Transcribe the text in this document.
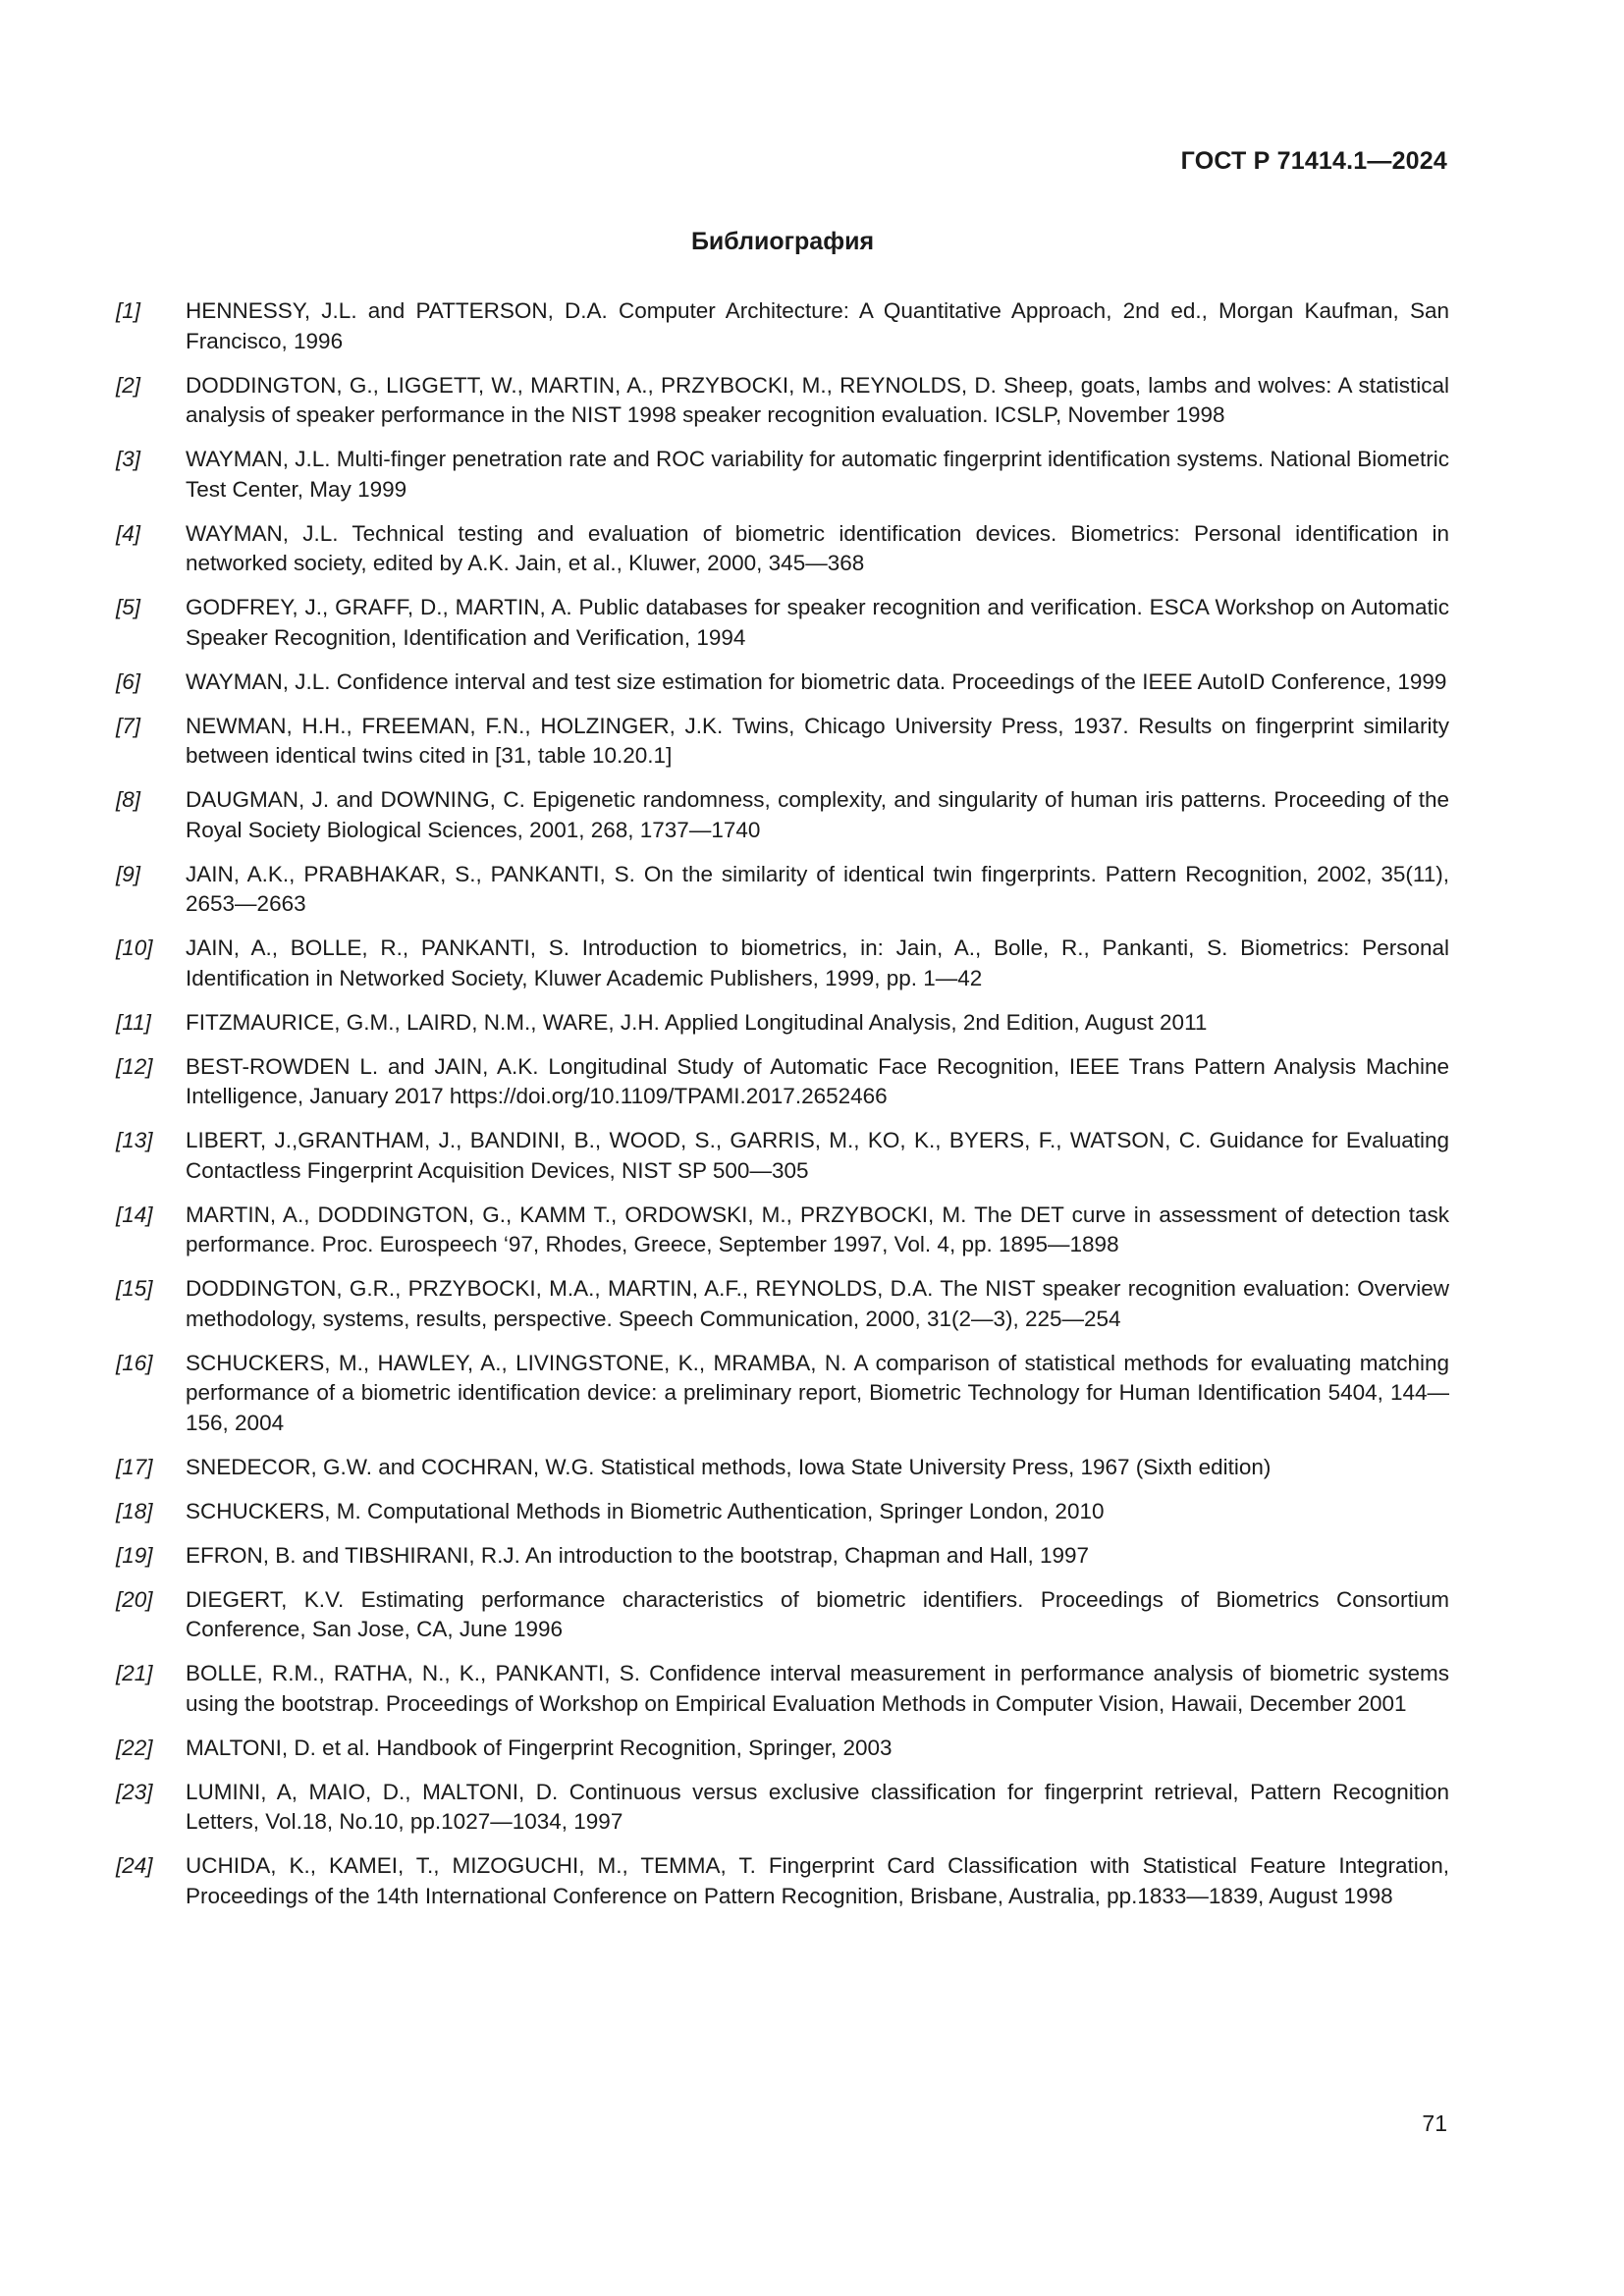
ГОСТ Р 71414.1—2024
Библиография
[1]	HENNESSY, J.L. and PATTERSON, D.A. Computer Architecture: A Quantitative Approach, 2nd ed., Morgan Kaufman, San Francisco, 1996
[2]	DODDINGTON, G., LIGGETT, W., MARTIN, A., PRZYBOCKI, M., REYNOLDS, D. Sheep, goats, lambs and wolves: A statistical analysis of speaker performance in the NIST 1998 speaker recognition evaluation. ICSLP, November 1998
[3]	WAYMAN, J.L. Multi-finger penetration rate and ROC variability for automatic fingerprint identification systems. National Biometric Test Center, May 1999
[4]	WAYMAN, J.L. Technical testing and evaluation of biometric identification devices. Biometrics: Personal identification in networked society, edited by A.K. Jain, et al., Kluwer, 2000, 345—368
[5]	GODFREY, J., GRAFF, D., MARTIN, A. Public databases for speaker recognition and verification. ESCA Workshop on Automatic Speaker Recognition, Identification and Verification, 1994
[6]	WAYMAN, J.L. Confidence interval and test size estimation for biometric data. Proceedings of the IEEE AutoID Conference, 1999
[7]	NEWMAN, H.H., FREEMAN, F.N., HOLZINGER, J.K. Twins, Chicago University Press, 1937. Results on fingerprint similarity between identical twins cited in [31, table 10.20.1]
[8]	DAUGMAN, J. and DOWNING, C. Epigenetic randomness, complexity, and singularity of human iris patterns. Proceeding of the Royal Society Biological Sciences, 2001, 268, 1737—1740
[9]	JAIN, A.K., PRABHAKAR, S., PANKANTI, S. On the similarity of identical twin fingerprints. Pattern Recognition, 2002, 35(11), 2653—2663
[10]	JAIN, A., BOLLE, R., PANKANTI, S. Introduction to biometrics, in: Jain, A., Bolle, R., Pankanti, S. Biometrics: Personal Identification in Networked Society, Kluwer Academic Publishers, 1999, pp. 1—42
[11]	FITZMAURICE, G.M., LAIRD, N.M., WARE, J.H. Applied Longitudinal Analysis, 2nd Edition, August 2011
[12]	BEST-ROWDEN L. and JAIN, A.K. Longitudinal Study of Automatic Face Recognition, IEEE Trans Pattern Analysis Machine Intelligence, January 2017 https://doi.org/10.1109/TPAMI.2017.2652466
[13]	LIBERT, J.,GRANTHAM, J., BANDINI, B., WOOD, S., GARRIS, M., KO, K., BYERS, F., WATSON, C. Guidance for Evaluating Contactless Fingerprint Acquisition Devices, NIST SP 500—305
[14]	MARTIN, A., DODDINGTON, G., KAMM T., ORDOWSKI, M., PRZYBOCKI, M. The DET curve in assessment of detection task performance. Proc. Eurospeech ‘97, Rhodes, Greece, September 1997, Vol. 4, pp. 1895—1898
[15]	DODDINGTON, G.R., PRZYBOCKI, M.A., MARTIN, A.F., REYNOLDS, D.A. The NIST speaker recognition evaluation: Overview methodology, systems, results, perspective. Speech Communication, 2000, 31(2—3), 225—254
[16]	SCHUCKERS, M., HAWLEY, A., LIVINGSTONE, K., MRAMBA, N. A comparison of statistical methods for evaluating matching performance of a biometric identification device: a preliminary report, Biometric Technology for Human Identification 5404, 144—156, 2004
[17]	SNEDECOR, G.W. and COCHRAN, W.G. Statistical methods, Iowa State University Press, 1967 (Sixth edition)
[18]	SCHUCKERS, M. Computational Methods in Biometric Authentication, Springer London, 2010
[19]	EFRON, B. and TIBSHIRANI, R.J. An introduction to the bootstrap, Chapman and Hall, 1997
[20]	DIEGERT, K.V. Estimating performance characteristics of biometric identifiers. Proceedings of Biometrics Consortium Conference, San Jose, CA, June 1996
[21]	BOLLE, R.M., RATHA, N., K., PANKANTI, S. Confidence interval measurement in performance analysis of biometric systems using the bootstrap. Proceedings of Workshop on Empirical Evaluation Methods in Computer Vision, Hawaii, December 2001
[22]	MALTONI, D. et al. Handbook of Fingerprint Recognition, Springer, 2003
[23]	LUMINI, A, MAIO, D., MALTONI, D. Continuous versus exclusive classification for fingerprint retrieval, Pattern Recognition Letters, Vol.18, No.10, pp.1027—1034, 1997
[24]	UCHIDA, K., KAMEI, T., MIZOGUCHI, M., TEMMA, T. Fingerprint Card Classification with Statistical Feature Integration, Proceedings of the 14th International Conference on Pattern Recognition, Brisbane, Australia, pp.1833—1839, August 1998
71
